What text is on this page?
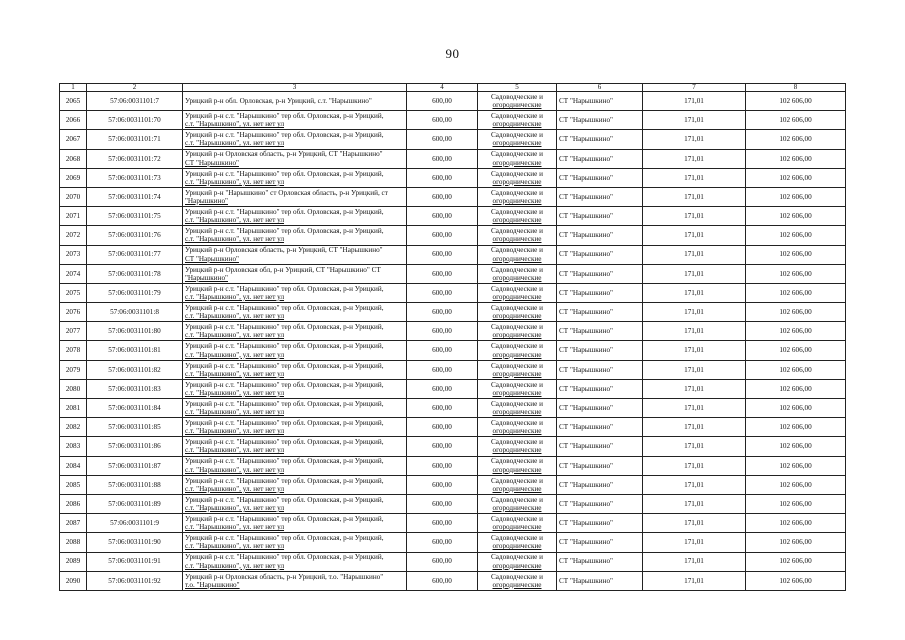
90
1	2	3	4	5	6	7	8
2065	57:06:0031101:7	Урицкий р-н обл. Орловская, р-н Урицкий, с.т. "Нарышкино"	600,00	Садоводческие и
огороднические	СТ "Нарышкино"	171,01	102 606,00
2066	57:06:0031101:70	Урицкий р-н с.т. "Нарышкино" тер обл. Орловская, р-н Урицкий,
с.т. "Нарышкино", ул. нет нет ул	600,00	Садоводческие и
огороднические	СТ "Нарышкино"	171,01	102 606,00
2067	57:06:0031101:71	Урицкий р-н с.т. "Нарышкино" тер обл. Орловская, р-н Урицкий,
с.т. "Нарышкино", ул. нет нет ул	600,00	Садоводческие и
огороднические	СТ "Нарышкино"	171,01	102 606,00
2068	57:06:0031101:72	Урицкий р-н Орловская область, р-н Урицкий, СТ "Нарышкино"
СТ "Нарышкино"	600,00	Садоводческие и
огороднические	СТ "Нарышкино"	171,01	102 606,00
2069	57:06:0031101:73	Урицкий р-н с.т. "Нарышкино" тер обл. Орловская, р-н Урицкий,
с.т. "Нарышкино", ул. нет нет ул	600,00	Садоводческие и
огороднические	СТ "Нарышкино"	171,01	102 606,00
2070	57:06:0031101:74	Урицкий р-н "Нарышкино" ст Орловская область, р-н Урицкий, ст
"Нарышкино"	600,00	Садоводческие и
огороднические	СТ "Нарышкино"	171,01	102 606,00
2071	57:06:0031101:75	Урицкий р-н с.т. "Нарышкино" тер обл. Орловская, р-н Урицкий,
с.т. "Нарышкино", ул. нет нет ул	600,00	Садоводческие и
огороднические	СТ "Нарышкино"	171,01	102 606,00
2072	57:06:0031101:76	Урицкий р-н с.т. "Нарышкино" тер обл. Орловская, р-н Урицкий,
с.т. "Нарышкино", ул. нет нет ул	600,00	Садоводческие и
огороднические	СТ "Нарышкино"	171,01	102 606,00
2073	57:06:0031101:77	Урицкий р-н Орловская область, р-н Урицкий, СТ "Нарышкино"
СТ "Нарышкино"	600,00	Садоводческие и
огороднические	СТ "Нарышкино"	171,01	102 606,00
2074	57:06:0031101:78	Урицкий р-н Орловская обл, р-н Урицкий, СТ "Нарышкино" СТ
"Нарышкино"	600,00	Садоводческие и
огороднические	СТ "Нарышкино"	171,01	102 606,00
2075	57:06:0031101:79	Урицкий р-н с.т. "Нарышкино" тер обл. Орловская, р-н Урицкий,
с.т. "Нарышкино", ул. нет нет ул	600,00	Садоводческие и
огороднические	СТ "Нарышкино"	171,01	102 606,00
2076	57:06:0031101:8	Урицкий р-н с.т. "Нарышкино" тер обл. Орловская, р-н Урицкий,
с.т. "Нарышкино", ул. нет нет ул	600,00	Садоводческие и
огороднические	СТ "Нарышкино"	171,01	102 606,00
2077	57:06:0031101:80	Урицкий р-н с.т. "Нарышкино" тер обл. Орловская, р-н Урицкий,
с.т. "Нарышкино", ул. нет нет ул	600,00	Садоводческие и
огороднические	СТ "Нарышкино"	171,01	102 606,00
2078	57:06:0031101:81	Урицкий р-н с.т. "Нарышкино" тер обл. Орловская, р-н Урицкий,
с.т. "Нарышкино", ул. нет нет ул	600,00	Садоводческие и
огороднические	СТ "Нарышкино"	171,01	102 606,00
2079	57:06:0031101:82	Урицкий р-н с.т. "Нарышкино" тер обл. Орловская, р-н Урицкий,
с.т. "Нарышкино", ул. нет нет ул	600,00	Садоводческие и
огороднические	СТ "Нарышкино"	171,01	102 606,00
2080	57:06:0031101:83	Урицкий р-н с.т. "Нарышкино" тер обл. Орловская, р-н Урицкий,
с.т. "Нарышкино", ул. нет нет ул	600,00	Садоводческие и
огороднические	СТ "Нарышкино"	171,01	102 606,00
2081	57:06:0031101:84	Урицкий р-н с.т. "Нарышкино" тер обл. Орловская, р-н Урицкий,
с.т. "Нарышкино", ул. нет нет ул	600,00	Садоводческие и
огороднические	СТ "Нарышкино"	171,01	102 606,00
2082	57:06:0031101:85	Урицкий р-н с.т. "Нарышкино" тер обл. Орловская, р-н Урицкий,
с.т. "Нарышкино", ул. нет нет ул	600,00	Садоводческие и
огороднические	СТ "Нарышкино"	171,01	102 606,00
2083	57:06:0031101:86	Урицкий р-н с.т. "Нарышкино" тер обл. Орловская, р-н Урицкий,
с.т. "Нарышкино", ул. нет нет ул	600,00	Садоводческие и
огороднические	СТ "Нарышкино"	171,01	102 606,00
2084	57:06:0031101:87	Урицкий р-н с.т. "Нарышкино" тер обл. Орловская, р-н Урицкий,
с.т. "Нарышкино", ул. нет нет ул	600,00	Садоводческие и
огороднические	СТ "Нарышкино"	171,01	102 606,00
2085	57:06:0031101:88	Урицкий р-н с.т. "Нарышкино" тер обл. Орловская, р-н Урицкий,
с.т. "Нарышкино", ул. нет нет ул	600,00	Садоводческие и
огороднические	СТ "Нарышкино"	171,01	102 606,00
2086	57:06:0031101:89	Урицкий р-н с.т. "Нарышкино" тер обл. Орловская, р-н Урицкий,
с.т. "Нарышкино", ул. нет нет ул	600,00	Садоводческие и
огороднические	СТ "Нарышкино"	171,01	102 606,00
2087	57:06:0031101:9	Урицкий р-н с.т. "Нарышкино" тер обл. Орловская, р-н Урицкий,
с.т. "Нарышкино", ул. нет нет ул	600,00	Садоводческие и
огороднические	СТ "Нарышкино"	171,01	102 606,00
2088	57:06:0031101:90	Урицкий р-н с.т. "Нарышкино" тер обл. Орловская, р-н Урицкий,
с.т. "Нарышкино", ул. нет нет ул	600,00	Садоводческие и
огороднические	СТ "Нарышкино"	171,01	102 606,00
2089	57:06:0031101:91	Урицкий р-н с.т. "Нарышкино" тер обл. Орловская, р-н Урицкий,
с.т. "Нарышкино", ул. нет нет ул	600,00	Садоводческие и
огороднические	СТ "Нарышкино"	171,01	102 606,00
2090	57:06:0031101:92	Урицкий р-н Орловская область, р-н Урицкий, т.о. "Нарышкино"
т.о. "Нарышкино"	600,00	Садоводческие и
огороднические	СТ "Нарышкино"	171,01	102 606,00
